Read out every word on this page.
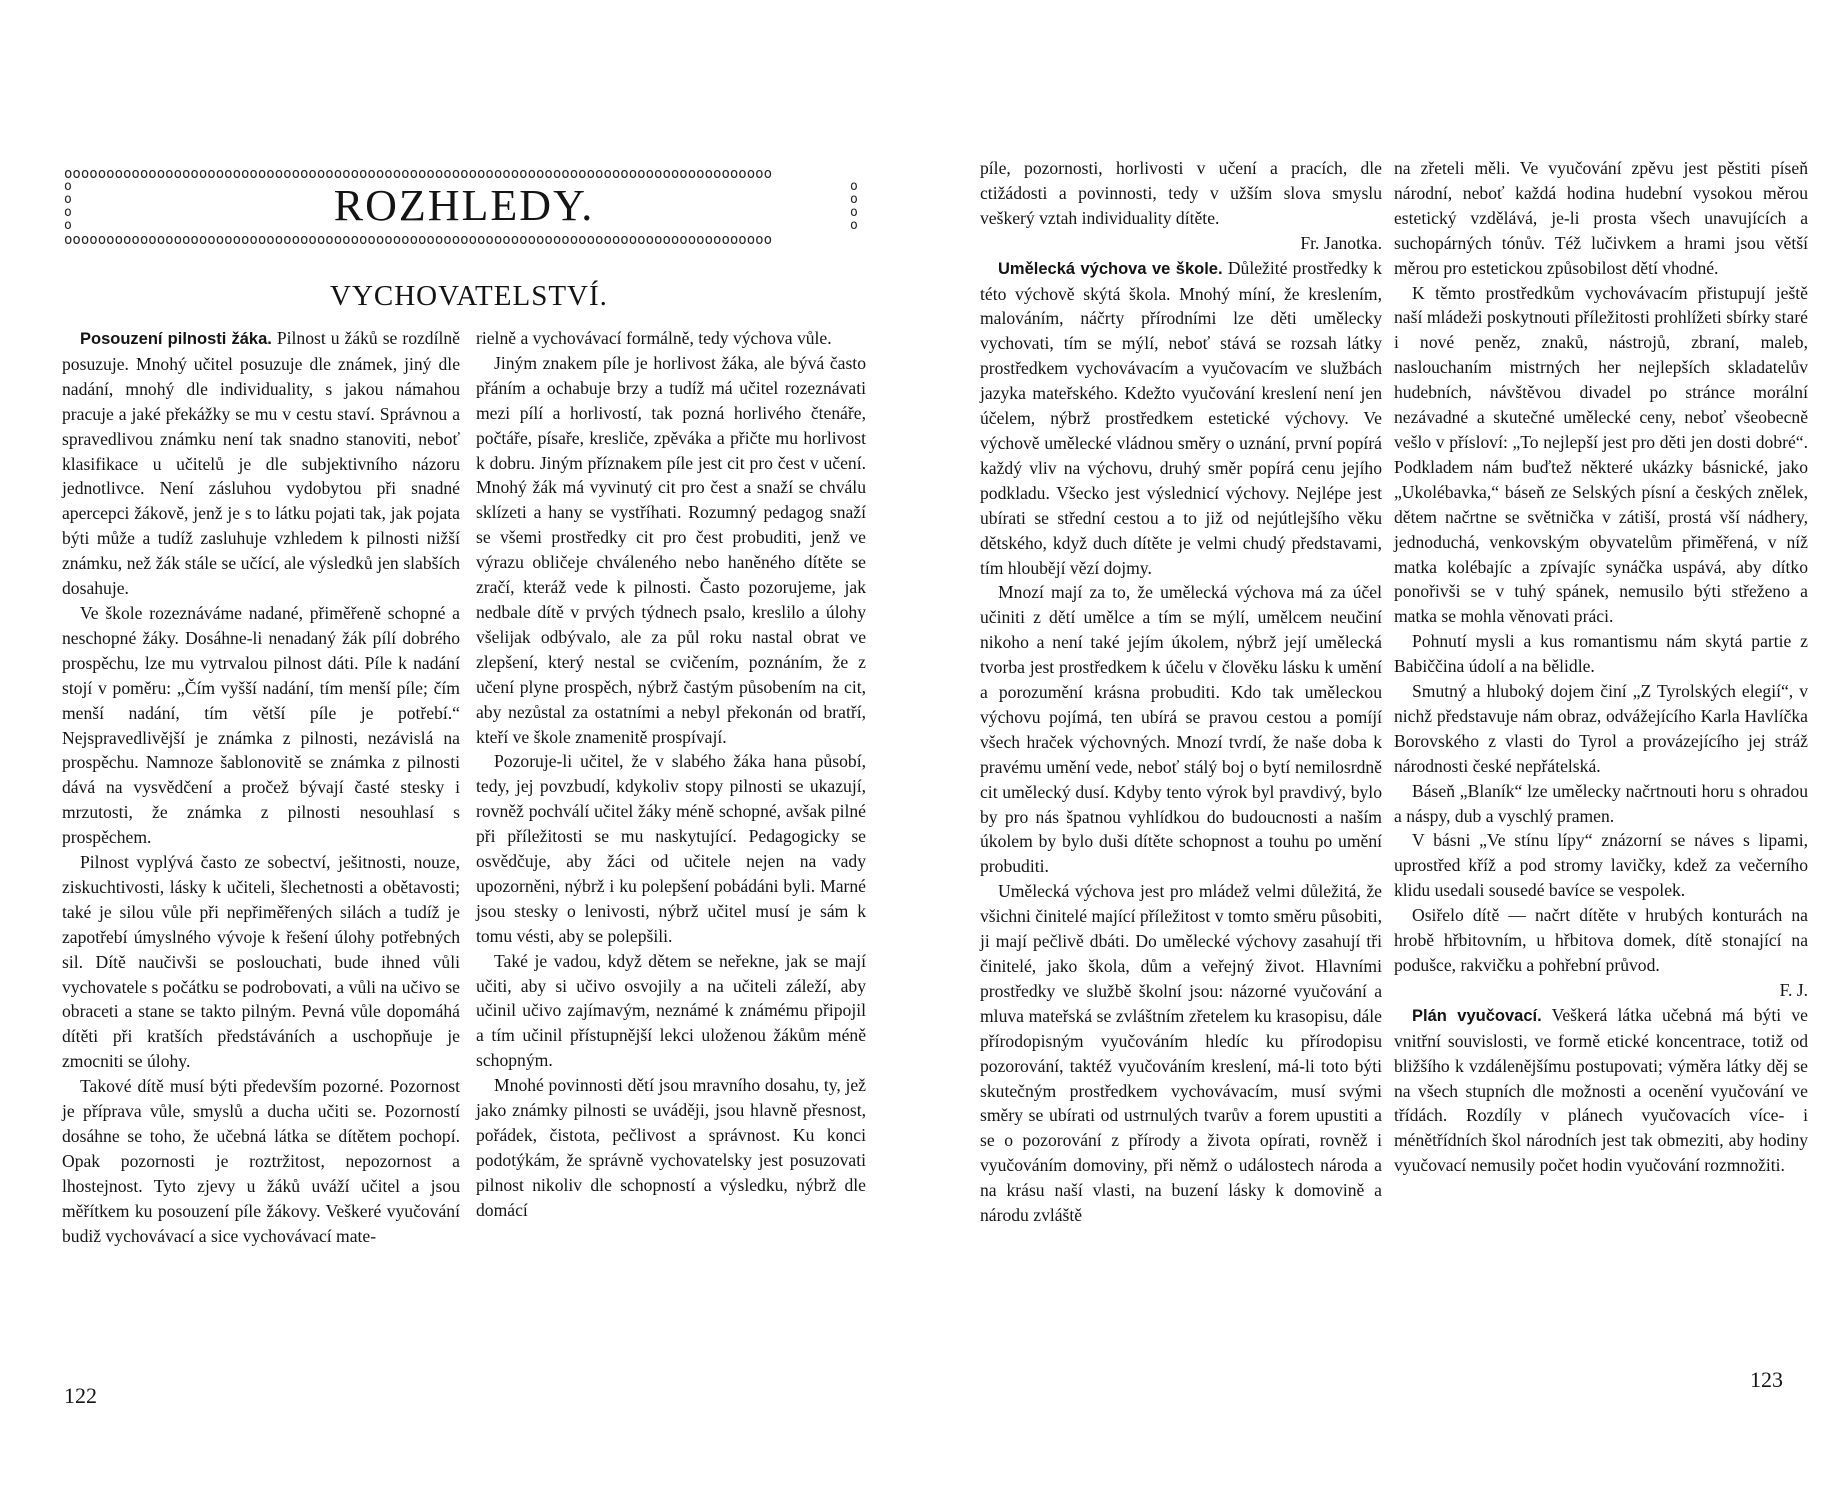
oooooooooooooooooooooooooooooooooooooooooooooooooooooooooooooooooooooooooooooooooooo
o
o
o
o	ROZHLEDY.	o
o
o
o
oooooooooooooooooooooooooooooooooooooooooooooooooooooooooooooooooooooooooooooooooooo
VYCHOVATELSTVÍ.

Posouzení pilnosti žáka. Pilnost u žáků se rozdílně posuzuje. Mnohý učitel posuzuje dle známek, jiný dle nadání, mnohý dle individuality, s jakou námahou pracuje a jaké překážky se mu v cestu staví. Správnou a spravedlivou známku není tak snadno stanoviti, neboť klasifikace u učitelů je dle subjektivního názoru jednotlivce. Není zásluhou vydobytou při snadné apercepci žákově, jenž je s to látku pojati tak, jak pojata býti může a tudíž zasluhuje vzhledem k pilnosti nižší známku, než žák stále se učící, ale výsledků jen slabších dosahuje.

Ve škole rozeznáváme nadané, přiměřeně schopné a neschopné žáky. Dosáhne-li nenadaný žák pílí dobrého prospěchu, lze mu vytrvalou pilnost dáti. Píle k nadání stojí v poměru: „Čím vyšší nadání, tím menší píle; čím menší nadání, tím větší píle je potřebí.“ Nejspravedlivější je známka z pilnosti, nezávislá na prospěchu. Namnoze šablonovitě se známka z pilnosti dává na vysvědčení a pročež bývají časté stesky i mrzutosti, že známka z pilnosti nesouhlasí s prospěchem.

Pilnost vyplývá často ze sobectví, ješitnosti, nouze, ziskuchtivosti, lásky k učiteli, šlechetnosti a obětavosti; také je silou vůle při nepřiměřených silách a tudíž je zapotřebí úmyslného vývoje k řešení úlohy potřebných sil. Dítě naučivši se poslouchati, bude ihned vůli vychovatele s počátku se podrobovati, a vůli na učivo se obraceti a stane se takto pilným. Pevná vůle dopomáhá dítěti při kratších předstáváních a uschopňuje je zmocniti se úlohy.

Takové dítě musí býti především pozorné. Pozornost je příprava vůle, smyslů a ducha učiti se. Pozorností dosáhne se toho, že učebná látka se dítětem pochopí. Opak pozornosti je roztržitost, nepozornost a lhostejnost. Tyto zjevy u žáků uváží učitel a jsou měřítkem ku posouzení píle žákovy. Veškeré vyučování budiž vychovávací a sice vychovávací mate-

rielně a vychovávací formálně, tedy výchova vůle.

Jiným znakem píle je horlivost žáka, ale bývá často přáním a ochabuje brzy a tudíž má učitel rozeznávati mezi pílí a horlivostí, tak pozná horlivého čtenáře, počtáře, písaře, kresliče, zpěváka a přičte mu horlivost k dobru. Jiným příznakem píle jest cit pro čest v učení. Mnohý žák má vyvinutý cit pro čest a snaží se chválu sklízeti a hany se vystříhati. Rozumný pedagog snaží se všemi prostředky cit pro čest probuditi, jenž ve výrazu obličeje chváleného nebo haněného dítěte se zračí, kteráž vede k pilnosti. Často pozorujeme, jak nedbale dítě v prvých týdnech psalo, kreslilo a úlohy všelijak odbývalo, ale za půl roku nastal obrat ve zlepšení, který nestal se cvičením, poznáním, že z učení plyne prospěch, nýbrž častým působením na cit, aby nezůstal za ostatními a nebyl překonán od bratří, kteří ve škole znamenitě prospívají.

Pozoruje-li učitel, že v slabého žáka hana působí, tedy, jej povzbudí, kdykoliv stopy pilnosti se ukazují, rovněž pochválí učitel žáky méně schopné, avšak pilné při příležitosti se mu naskytující. Pedagogicky se osvědčuje, aby žáci od učitele nejen na vady upozorněni, nýbrž i ku polepšení pobádáni byli. Marné jsou stesky o lenivosti, nýbrž učitel musí je sám k tomu vésti, aby se polepšili.

Také je vadou, když dětem se neřekne, jak se mají učiti, aby si učivo osvojily a na učiteli záleží, aby učinil učivo zajímavým, neznámé k známému připojil a tím učinil přístupnější lekci uloženou žákům méně schopným.

Mnohé povinnosti dětí jsou mravního dosahu, ty, jež jako známky pilnosti se uváději, jsou hlavně přesnost, pořádek, čistota, pečlivost a správnost. Ku konci podotýkám, že správně vychovatelsky jest posuzovati pilnost nikoliv dle schopností a výsledku, nýbrž dle domácí

122

píle, pozornosti, horlivosti v učení a pracích, dle ctižádosti a povinnosti, tedy v užším slova smyslu veškerý vztah individuality dítěte.

Fr. Janotka.

Umělecká výchova ve škole. Důležité prostředky k této výchově skýtá škola. Mnohý míní, že kreslením, malováním, náčrty přírodními lze děti umělecky vychovati, tím se mýlí, neboť stává se rozsah látky prostředkem vychovávacím a vyučovacím ve službách jazyka mateřského. Kdežto vyučování kreslení není jen účelem, nýbrž prostředkem estetické výchovy. Ve výchově umělecké vládnou směry o uznání, první popírá každý vliv na výchovu, druhý směr popírá cenu jejího podkladu. Všecko jest výslednicí výchovy. Nejlépe jest ubírati se střední cestou a to již od nejútlejšího věku dětského, když duch dítěte je velmi chudý představami, tím hloubějí vězí dojmy.

Mnozí mají za to, že umělecká výchova má za účel učiniti z dětí umělce a tím se mýlí, umělcem neučiní nikoho a není také jejím úkolem, nýbrž její umělecká tvorba jest prostředkem k účelu v člověku lásku k umění a porozumění krásna probuditi. Kdo tak uměleckou výchovu pojímá, ten ubírá se pravou cestou a pomíjí všech hraček výchovných. Mnozí tvrdí, že naše doba k pravému umění vede, neboť stálý boj o bytí nemilosrdně cit umělecký dusí. Kdyby tento výrok byl pravdivý, bylo by pro nás špatnou vyhlídkou do budoucnosti a naším úkolem by bylo duši dítěte schopnost a touhu po umění probuditi.

Umělecká výchova jest pro mládež velmi důležitá, že všichni činitelé mající příležitost v tomto směru působiti, ji mají pečlivě dbáti. Do umělecké výchovy zasahují tři činitelé, jako škola, dům a veřejný život. Hlavními prostředky ve službě školní jsou: názorné vyučování a mluva mateřská se zvláštním zřetelem ku krasopisu, dále přírodopisným vyučováním hledíc ku přírodopisu pozorování, taktéž vyučováním kreslení, má-li toto býti skutečným prostředkem vychovávacím, musí svými směry se ubírati od ustrnulých tvarův a forem upustiti a se o pozorování z přírody a života opírati, rovněž i vyučováním domoviny, při němž o událostech národa a na krásu naší vlasti, na buzení lásky k domovině a národu zvláště

na zřeteli měli. Ve vyučování zpěvu jest pěstiti píseň národní, neboť každá hodina hudební vysokou měrou estetický vzdělává, je-li prosta všech unavujících a suchopárných tónův. Též lučivkem a hrami jsou větší měrou pro estetickou způsobilost dětí vhodné.

K těmto prostředkům vychovávacím přistupují ještě naší mládeži poskytnouti příležitosti prohlížeti sbírky staré i nové peněz, znaků, nástrojů, zbraní, maleb, naslouchaním mistrných her nejlepších skladatelův hudebních, návštěvou divadel po stránce morální nezávadné a skutečné umělecké ceny, neboť všeobecně vešlo v přísloví: „To nejlepší jest pro děti jen dosti dobré“. Podkladem nám buďtež některé ukázky básnické, jako „Ukolébavka,“ báseň ze Selských písní a českých znělek, dětem načrtne se světnička v zátiší, prostá vší nádhery, jednoduchá, venkovským obyvatelům přiměřená, v níž matka kolébajíc a zpívajíc synáčka uspává, aby dítko ponořivši se v tuhý spánek, nemusilo býti střeženo a matka se mohla věnovati práci.

Pohnutí mysli a kus romantismu nám skytá partie z Babiččina údolí a na bělidle.

Smutný a hluboký dojem činí „Z Tyrolských elegií“, v nichž představuje nám obraz, odvážejícího Karla Havlíčka Borovského z vlasti do Tyrol a provázejícího jej stráž národnosti české nepřátelská.

Báseň „Blaník“ lze umělecky načrtnouti horu s ohradou a náspy, dub a vyschlý pramen.

V básni „Ve stínu lípy“ znázorní se náves s lipami, uprostřed kříž a pod stromy lavičky, kdež za večerního klidu usedali sousedé bavíce se vespolek.

Osiřelo dítě — načrt dítěte v hrubých konturách na hrobě hřbitovním, u hřbitova domek, dítě stonající na podušce, rakvičku a pohřební průvod.

F. J.

Plán vyučovací. Veškerá látka učebná má býti ve vnitřní souvislosti, ve formě etické koncentrace, totiž od bližšího k vzdálenějšímu postupovati; výměra látky děj se na všech stupních dle možnosti a ocenění vyučování ve třídách. Rozdíly v plánech vyučovacích více- i ménětřídních škol národních jest tak obmeziti, aby hodiny vyučovací nemusily počet hodin vyučování rozmnožiti.

123
